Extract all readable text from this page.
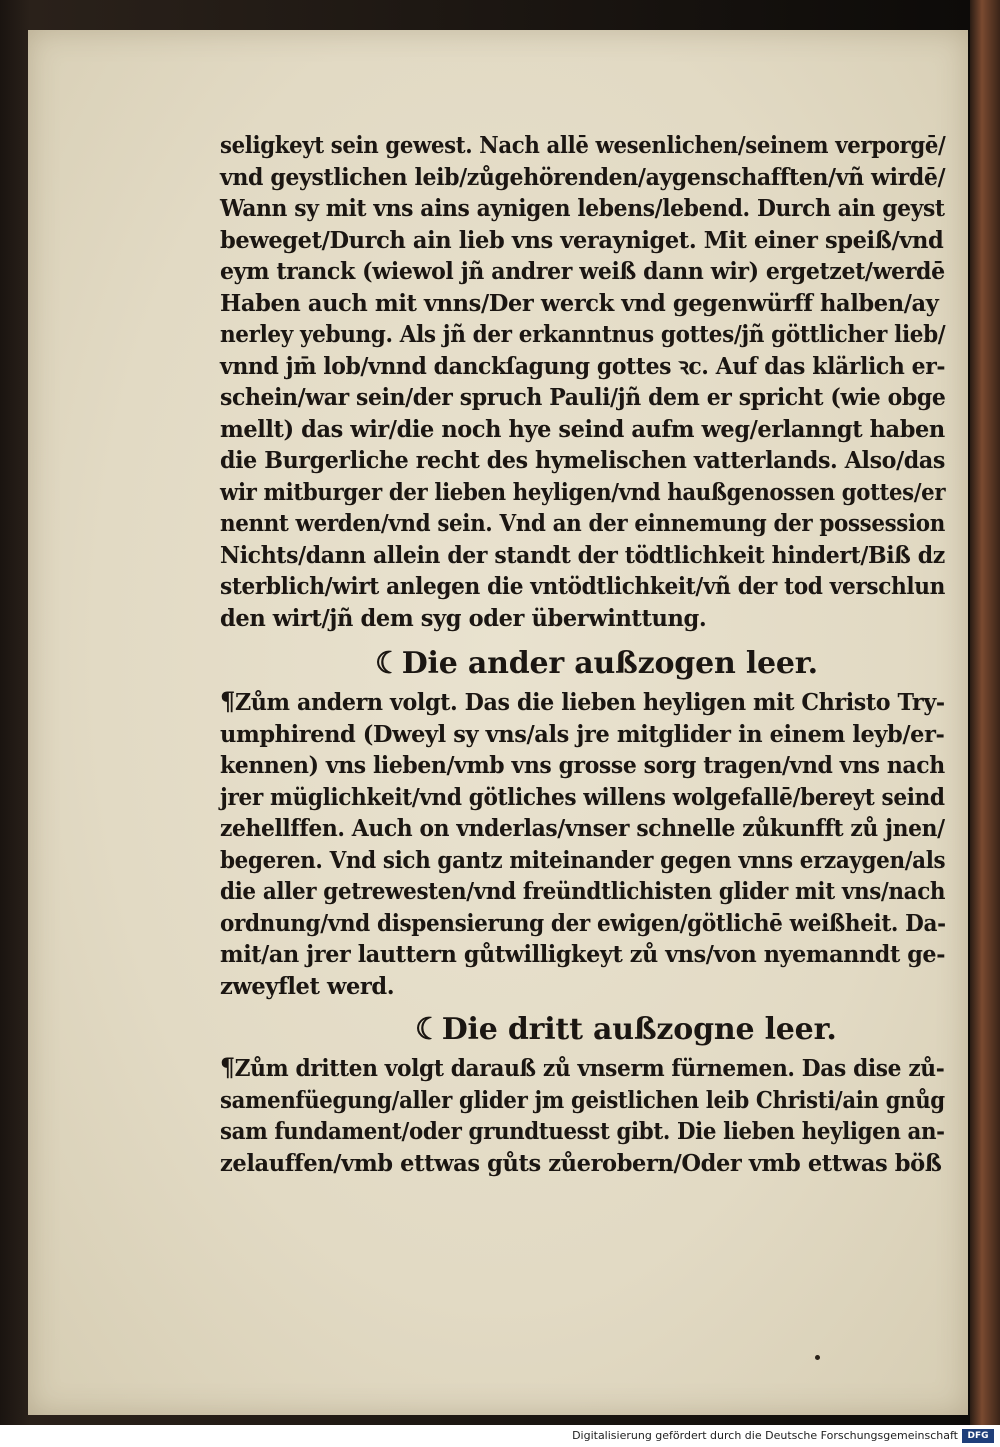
seligkeyt sein gewest. Nach allē wesenlichen/seinem verporgē/
vnd geystlichen leib/zůgehörenden/aygenschafften/vñ wirdē/
Wann sy mit vns ains aynigen lebens/lebend. Durch ain geyst
beweget/Durch ain lieb vns verayniget. Mit einer speiß/vnd
eym tranck (wiewol jñ andrer weiß dann wir) ergetzet/werdē
Haben auch mit vnns/Der werck vnd gegenwürff halben/ay
nerley yebung. Als jñ der erkanntnus gottes/jñ göttlicher lieb/
vnnd jm̄ lob/vnnd danckſagung gottes ꝛc. Auf das klärlich er-
schein/war sein/der spruch Pauli/jñ dem er spricht (wie obge
mellt) das wir/die noch hye seind aufm weg/erlanngt haben
die Burgerliche recht des hymelischen vatterlands. Also/das
wir mitburger der lieben heyligen/vnd haußgenossen gottes/er
nennt werden/vnd sein. Vnd an der einnemung der possession
Nichts/dann allein der standt der tödtlichkeit hindert/Biß dz
sterblich/wirt anlegen die vntödtlichkeit/vñ der tod verschlun
den wirt/jñ dem syg oder überwinttung.
☾Die ander außzogen leer.
¶Zům andern volgt. Das die lieben heyligen mit Christo Try-
umphirend (Dweyl sy vns/als jre mitglider in einem leyb/er-
kennen) vns lieben/vmb vns grosse sorg tragen/vnd vns nach
jrer müglichkeit/vnd götliches willens wolgefallē/bereyt seind
zehellffen. Auch on vnderlas/vnser schnelle zůkunfft zů jnen/
begeren. Vnd sich gantz miteinander gegen vnns erzaygen/als
die aller getrewesten/vnd freündtlichisten glider mit vns/nach
ordnung/vnd dispensierung der ewigen/götlichē weißheit. Da-
mit/an jrer lauttern gůtwilligkeyt zů vns/von nyemanndt ge-
zweyflet werd.
☾Die dritt außzogne leer.
¶Zům dritten volgt darauß zů vnserm fürnemen. Das dise zů-
samenfüegung/aller glider jm geistlichen leib Christi/ain gnůg
sam fundament/oder grundtuesst gibt. Die lieben heyligen an-
zelauffen/vmb ettwas gůts zůerobern/Oder vmb ettwas böß
Digitalisierung gefördert durch die Deutsche Forschungsgemeinschaft	DFG
